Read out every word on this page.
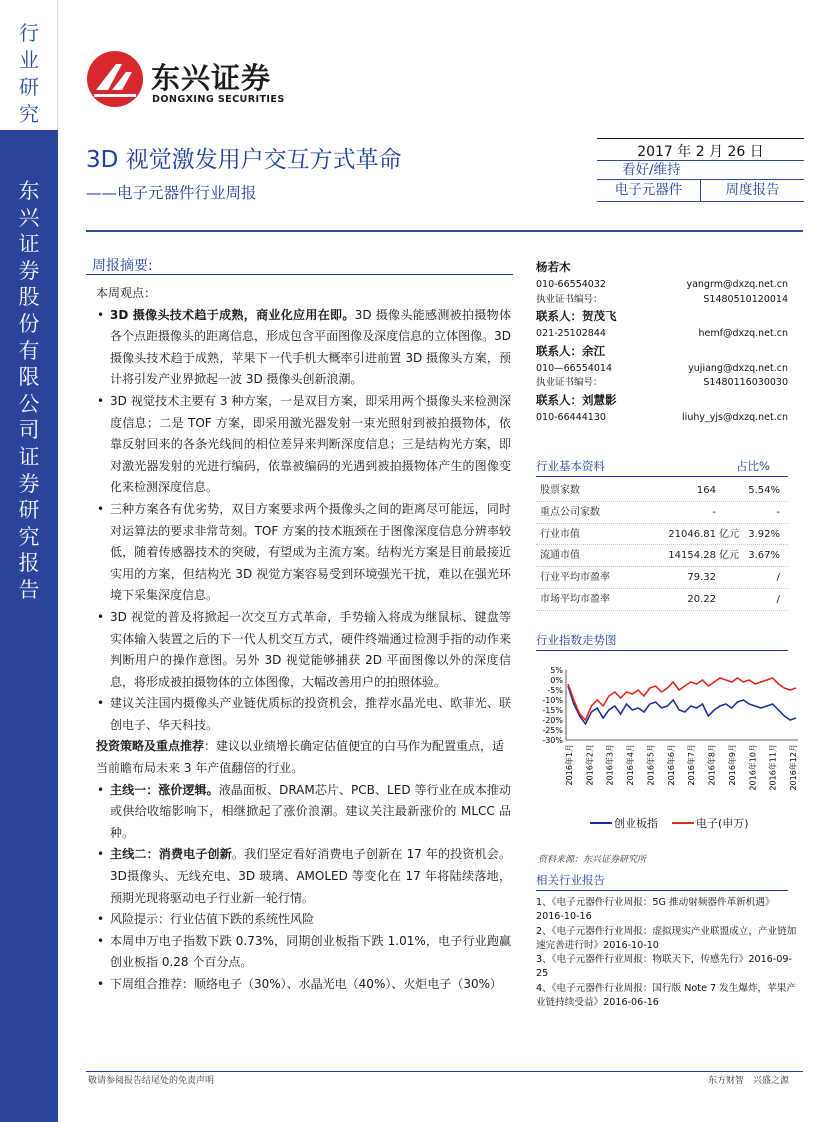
行业研究
东兴证券股份有限公司证券研究报告
东兴证券
DONGXING SECURITIES
3D 视觉激发用户交互方式革命
——电子元器件行业周报
2017 年 2 月 26 日
看好/维持
电子元器件	周度报告
周报摘要:

本周观点：

• 3D 摄像头技术趋于成熟，商业化应用在即。3D 摄像头能感测被拍摄物体各个点距摄像头的距离信息，形成包含平面图像及深度信息的立体图像。3D 摄像头技术趋于成熟，苹果下一代手机大概率引进前置 3D 摄像头方案，预计将引发产业界掀起一波 3D 摄像头创新浪潮。

• 3D 视觉技术主要有 3 种方案，一是双目方案，即采用两个摄像头来检测深度信息；二是 TOF 方案，即采用激光器发射一束光照射到被拍摄物体，依靠反射回来的各条光线间的相位差异来判断深度信息；三是结构光方案，即对激光器发射的光进行编码，依靠被编码的光遇到被拍摄物体产生的图像变化来检测深度信息。

• 三种方案各有优劣势，双目方案要求两个摄像头之间的距离尽可能远，同时对运算法的要求非常苛刻。TOF 方案的技术瓶颈在于图像深度信息分辨率较低，随着传感器技术的突破，有望成为主流方案。结构光方案是目前最接近实用的方案，但结构光 3D 视觉方案容易受到环境强光干扰，难以在强光环境下采集深度信息。

• 3D 视觉的普及将掀起一次交互方式革命，手势输入将成为继鼠标、键盘等实体输入装置之后的下一代人机交互方式，硬件终端通过检测手指的动作来判断用户的操作意图。另外 3D 视觉能够捕获 2D 平面图像以外的深度信息，将形成被拍摄物体的立体图像，大幅改善用户的拍照体验。

• 建议关注国内摄像头产业链优质标的投资机会，推荐水晶光电、欧菲光、联创电子、华天科技。

投资策略及重点推荐：建议以业绩增长确定估值便宜的白马作为配置重点，适当前瞻布局未来 3 年产值翻倍的行业。

• 主线一：涨价逻辑。液晶面板、DRAM芯片、PCB、LED 等行业在成本推动或供给收缩影响下，相继掀起了涨价浪潮。建议关注最新涨价的 MLCC 品种。

• 主线二：消费电子创新。我们坚定看好消费电子创新在 17 年的投资机会。3D摄像头、无线充电、3D 玻璃、AMOLED 等变化在 17 年将陆续落地，预期光现将驱动电子行业新一轮行情。

• 风险提示：行业估值下跌的系统性风险

• 本周申万电子指数下跌 0.73%，同期创业板指下跌 1.01%，电子行业跑赢创业板指 0.28 个百分点。

• 下周组合推荐：顺络电子（30%）、水晶光电（40%）、火炬电子（30%）

杨若木
010-66554032	yangrm@dxzq.net.cn
执业证书编号：	S1480510120014
联系人：贺茂飞
021-25102844	hemf@dxzq.net.cn
联系人：余江
010—66554014	yujiang@dxzq.net.cn
执业证书编号：	S1480116030030
联系人：刘慧影
010-66444130	liuhy_yjs@dxzq.net.cn
行业基本资料	占比%
股票家数	164	5.54%
重点公司家数	-	-
行业市值	21046.81 亿元 3.92%
流通市值	14154.28 亿元 3.67%
行业平均市盈率	79.32	/
市场平均市盈率	20.22	/
行业指数走势图
5%
0%
-5%
-10%
-15%
-20%
-25%
-30%
2016年1月 2016年2月 2016年3月 2016年4月 2016年5月 2016年6月 2016年7月 2016年8月 2016年9月 2016年10月 2016年11月 2016年12月
创业板指	电子(申万)
资料来源：东兴证券研究所
相关行业报告
1、《电子元器件行业周报：5G 推动射频器件革新机遇》2016-10-16
2、《电子元器件行业周报：虚拟现实产业联盟成立，产业链加速完善进行时》2016-10-10
3、《电子元器件行业周报：物联天下，传感先行》2016-09-25
4、《电子元器件行业周报：国行版 Note 7 发生爆炸，苹果产业链持续受益》2016-06-16
敬请参阅报告结尾处的免责声明	东方财智　兴盛之源
